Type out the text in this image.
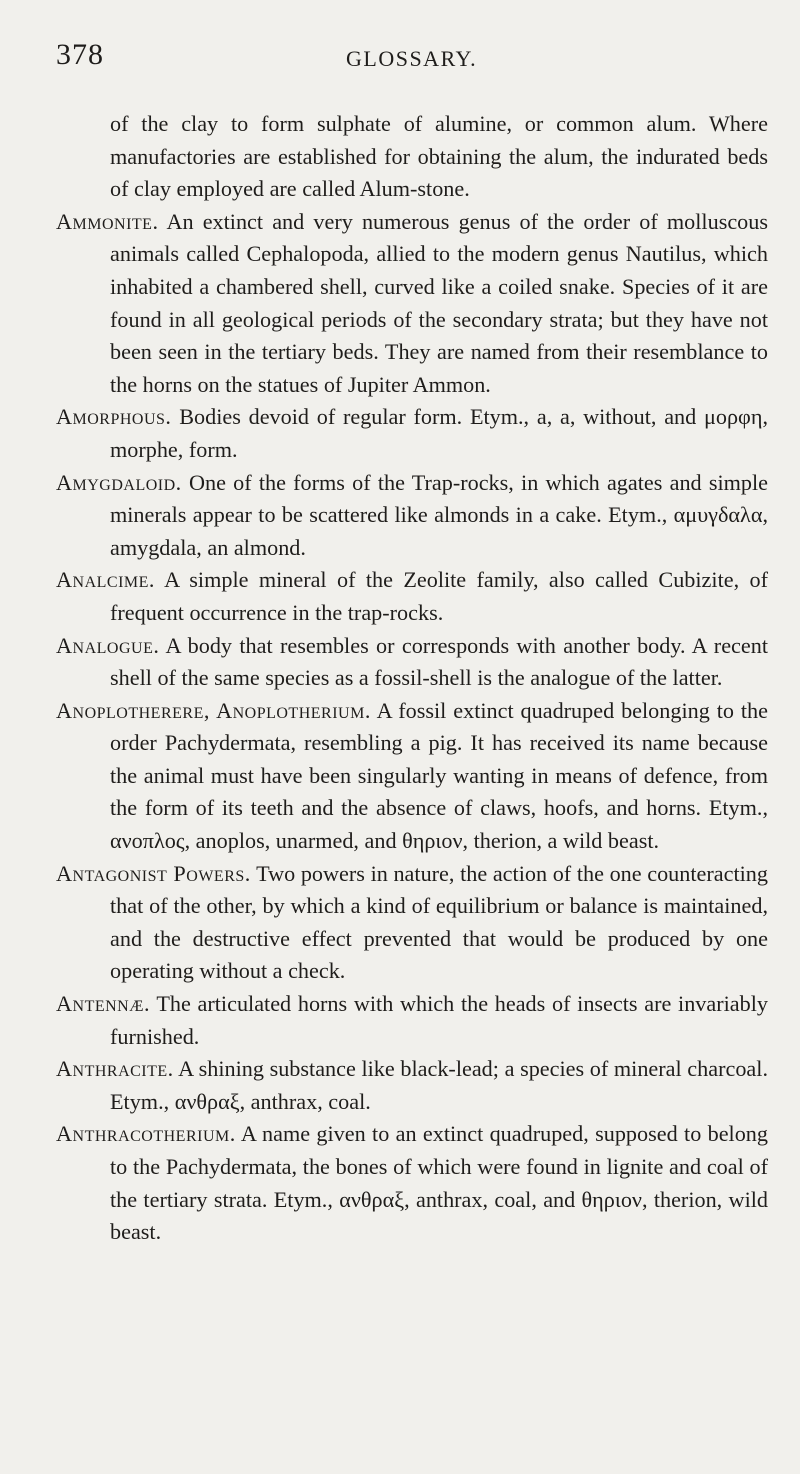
378	GLOSSARY.

of the clay to form sulphate of alumine, or common alum. Where manufactories are established for obtaining the alum, the indurated beds of clay employed are called Alum-stone.

Ammonite. An extinct and very numerous genus of the order of molluscous animals called Cephalopoda, allied to the modern genus Nautilus, which inhabited a chambered shell, curved like a coiled snake. Species of it are found in all geological periods of the secondary strata; but they have not been seen in the tertiary beds. They are named from their resemblance to the horns on the statues of Jupiter Ammon.

Amorphous. Bodies devoid of regular form. Etym., a, a, without, and μορφη, morphe, form.

Amygdaloid. One of the forms of the Trap-rocks, in which agates and simple minerals appear to be scattered like almonds in a cake. Etym., αμυγδαλα, amygdala, an almond.

Analcime. A simple mineral of the Zeolite family, also called Cubizite, of frequent occurrence in the trap-rocks.

Analogue. A body that resembles or corresponds with another body. A recent shell of the same species as a fossil-shell is the analogue of the latter.

Anoplotherere, Anoplotherium. A fossil extinct quadruped belonging to the order Pachydermata, resembling a pig. It has received its name because the animal must have been singularly wanting in means of defence, from the form of its teeth and the absence of claws, hoofs, and horns. Etym., ανοπλος, anoplos, unarmed, and θηριον, therion, a wild beast.

Antagonist Powers. Two powers in nature, the action of the one counteracting that of the other, by which a kind of equilibrium or balance is maintained, and the destructive effect prevented that would be produced by one operating without a check.

Antennæ. The articulated horns with which the heads of insects are invariably furnished.

Anthracite. A shining substance like black-lead; a species of mineral charcoal. Etym., ανθραξ, anthrax, coal.

Anthracotherium. A name given to an extinct quadruped, supposed to belong to the Pachydermata, the bones of which were found in lignite and coal of the tertiary strata. Etym., ανθραξ, anthrax, coal, and θηριον, therion, wild beast.
